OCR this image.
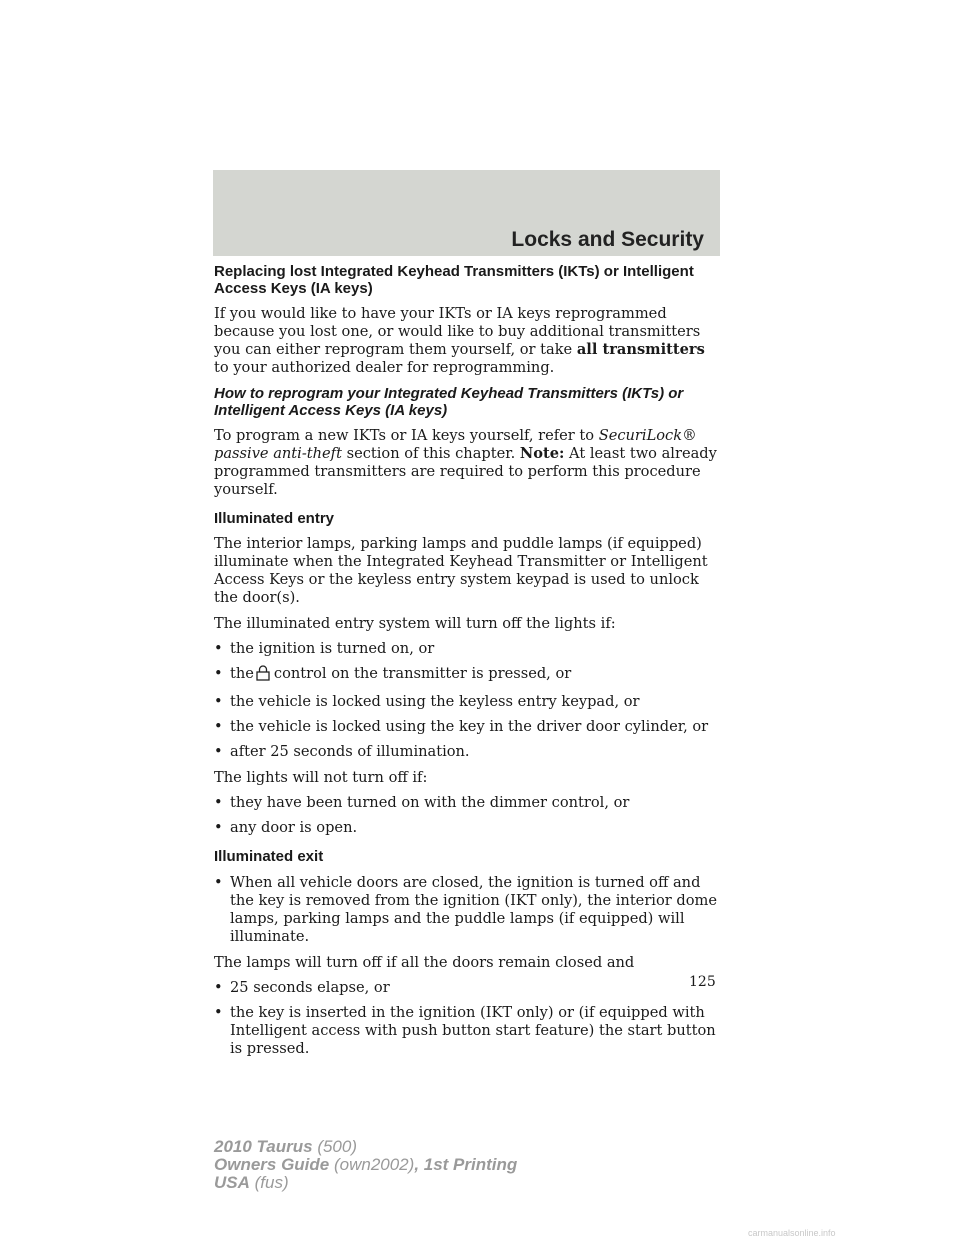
Locks and Security

Replacing lost Integrated Keyhead Transmitters (IKTs) or Intelligent Access Keys (IA keys)

If you would like to have your IKTs or IA keys reprogrammed because you lost one, or would like to buy additional transmitters you can either reprogram them yourself, or take all transmitters to your authorized dealer for reprogramming.

How to reprogram your Integrated Keyhead Transmitters (IKTs) or Intelligent Access Keys (IA keys)

To program a new IKTs or IA keys yourself, refer to SecuriLock® passive anti-theft section of this chapter. Note: At least two already programmed transmitters are required to perform this procedure yourself.

Illuminated entry

The interior lamps, parking lamps and puddle lamps (if equipped) illuminate when the Integrated Keyhead Transmitter or Intelligent Access Keys or the keyless entry system keypad is used to unlock the door(s).

The illuminated entry system will turn off the lights if:

• the ignition is turned on, or
• the control on the transmitter is pressed, or
• the vehicle is locked using the keyless entry keypad, or
• the vehicle is locked using the key in the driver door cylinder, or
• after 25 seconds of illumination.

The lights will not turn off if:

• they have been turned on with the dimmer control, or
• any door is open.

Illuminated exit

• When all vehicle doors are closed, the ignition is turned off and the key is removed from the ignition (IKT only), the interior dome lamps, parking lamps and the puddle lamps (if equipped) will illuminate.

The lamps will turn off if all the doors remain closed and

• 25 seconds elapse, or
• the key is inserted in the ignition (IKT only) or (if equipped with Intelligent access with push button start feature) the start button is pressed.
125
2010 Taurus (500)
Owners Guide (own2002), 1st Printing
USA (fus)
carmanualsonline.info
